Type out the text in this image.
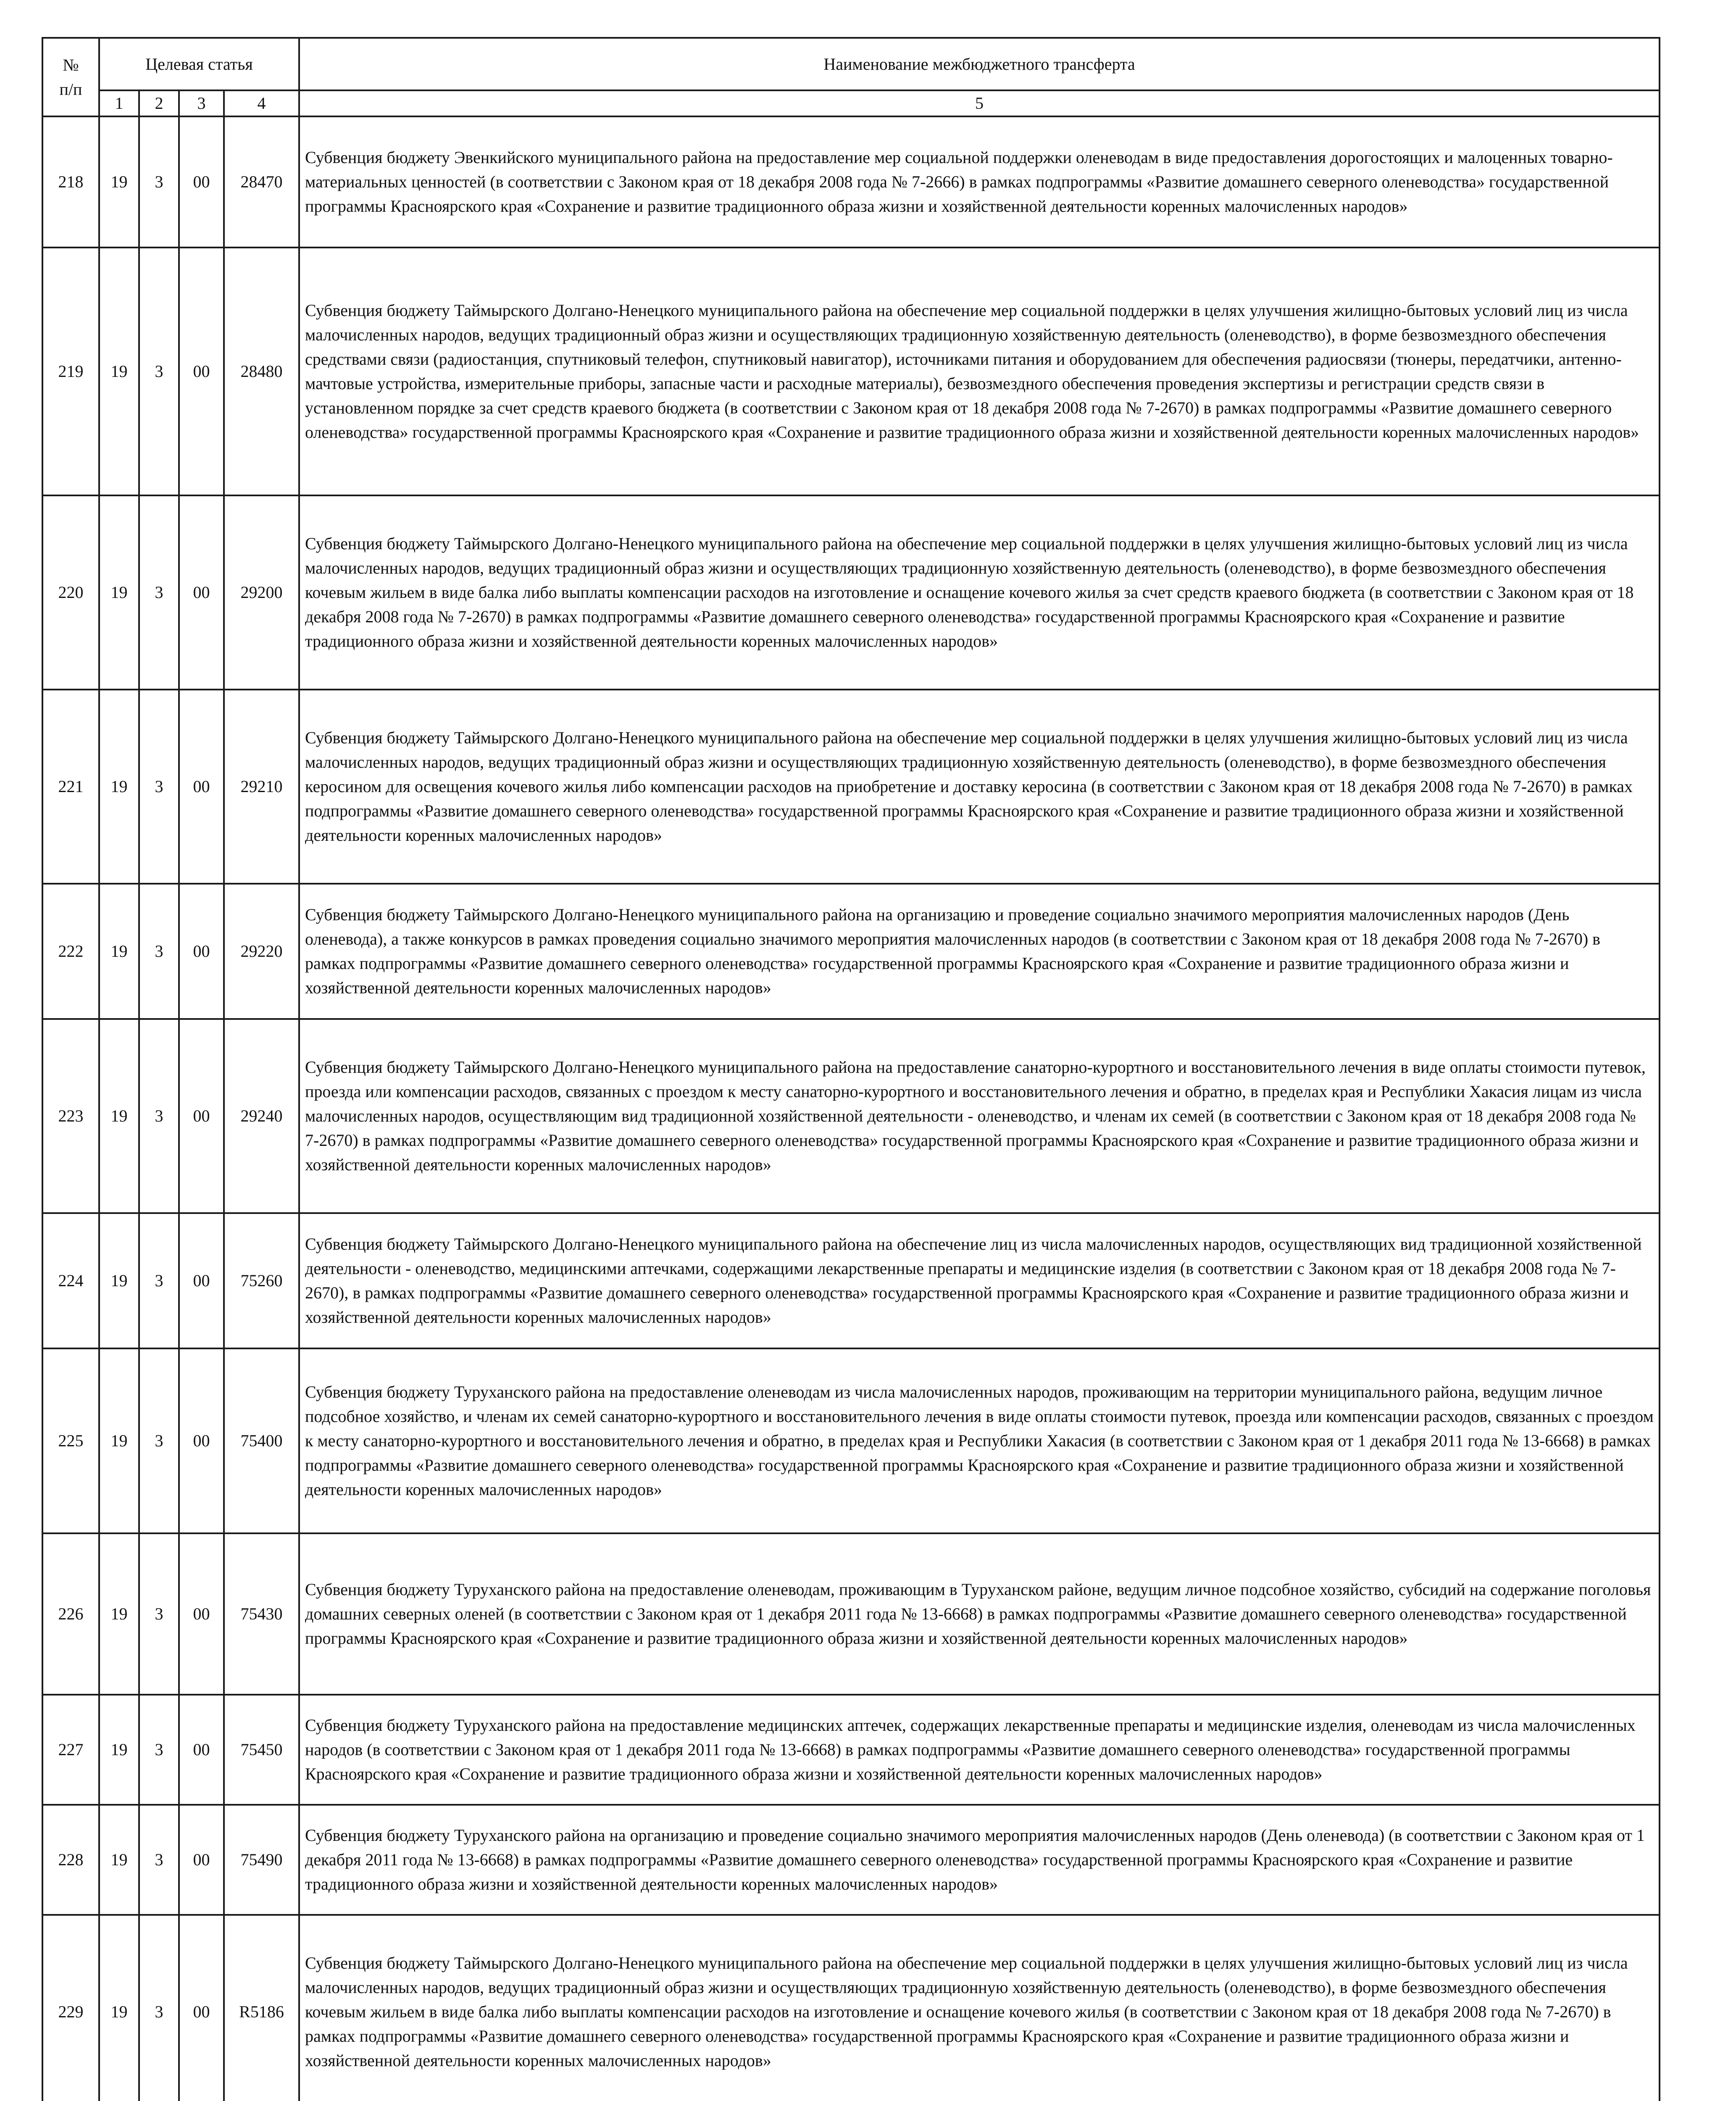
№
п/п	Целевая статья				Наименование межбюджетного трансферта
	1	2	3	4	5
218	19	3	00	28470	Субвенция бюджету Эвенкийского муниципального района на предоставление мер социальной поддержки оленеводам в виде предоставления дорогостоящих и малоценных товарно-материальных ценностей (в соответствии с Законом края от 18 декабря 2008 года № 7-2666) в рамках подпрограммы «Развитие домашнего северного оленеводства» государственной программы Красноярского края «Сохранение и развитие традиционного образа жизни и хозяйственной деятельности коренных малочисленных народов»
219	19	3	00	28480	Субвенция бюджету Таймырского Долгано-Ненецкого муниципального района на обеспечение мер социальной поддержки в целях улучшения жилищно-бытовых условий лиц из числа малочисленных народов, ведущих традиционный образ жизни и осуществляющих традиционную хозяйственную деятельность (оленеводство), в форме безвозмездного обеспечения средствами связи (радиостанция, спутниковый телефон, спутниковый навигатор), источниками питания и оборудованием для обеспечения радиосвязи (тюнеры, передатчики, антенно-мачтовые устройства, измерительные приборы, запасные части и расходные материалы), безвозмездного обеспечения проведения экспертизы и регистрации средств связи в установленном порядке за счет средств краевого бюджета (в соответствии с Законом края от 18 декабря 2008 года № 7-2670) в рамках подпрограммы «Развитие домашнего северного оленеводства» государственной программы Красноярского края «Сохранение и развитие традиционного образа жизни и хозяйственной деятельности коренных малочисленных народов»
220	19	3	00	29200	Субвенция бюджету Таймырского Долгано-Ненецкого муниципального района на обеспечение мер социальной поддержки в целях улучшения жилищно-бытовых условий лиц из числа малочисленных народов, ведущих традиционный образ жизни и осуществляющих традиционную хозяйственную деятельность (оленеводство), в форме безвозмездного обеспечения кочевым жильем в виде балка либо выплаты компенсации расходов на изготовление и оснащение кочевого жилья за счет средств краевого бюджета (в соответствии с Законом края от 18 декабря 2008 года № 7-2670) в рамках подпрограммы «Развитие домашнего северного оленеводства» государственной программы Красноярского края «Сохранение и развитие традиционного образа жизни и хозяйственной деятельности коренных малочисленных народов»
221	19	3	00	29210	Субвенция бюджету Таймырского Долгано-Ненецкого муниципального района на обеспечение мер социальной поддержки в целях улучшения жилищно-бытовых условий лиц из числа малочисленных народов, ведущих традиционный образ жизни и осуществляющих традиционную хозяйственную деятельность (оленеводство), в форме безвозмездного обеспечения керосином для освещения кочевого жилья либо компенсации расходов на приобретение и доставку керосина (в соответствии с Законом края от 18 декабря 2008 года № 7-2670) в рамках подпрограммы «Развитие домашнего северного оленеводства» государственной программы Красноярского края «Сохранение и развитие традиционного образа жизни и хозяйственной деятельности коренных малочисленных народов»
222	19	3	00	29220	Субвенция бюджету Таймырского Долгано-Ненецкого муниципального района на организацию и проведение социально значимого мероприятия малочисленных народов (День оленевода), а также конкурсов в рамках проведения социально значимого мероприятия малочисленных народов (в соответствии с Законом края от 18 декабря 2008 года № 7-2670) в рамках подпрограммы «Развитие домашнего северного оленеводства» государственной программы Красноярского края «Сохранение и развитие традиционного образа жизни и хозяйственной деятельности коренных малочисленных народов»
223	19	3	00	29240	Субвенция бюджету Таймырского Долгано-Ненецкого муниципального района на предоставление санаторно-курортного и восстановительного лечения в виде оплаты стоимости путевок, проезда или компенсации расходов, связанных с проездом к месту санаторно-курортного и восстановительного лечения и обратно, в пределах края и Республики Хакасия лицам из числа малочисленных народов, осуществляющим вид традиционной хозяйственной деятельности - оленеводство, и членам их семей (в соответствии с Законом края от 18 декабря 2008 года № 7-2670) в рамках подпрограммы «Развитие домашнего северного оленеводства» государственной программы Красноярского края «Сохранение и развитие традиционного образа жизни и хозяйственной деятельности коренных малочисленных народов»
224	19	3	00	75260	Субвенция бюджету Таймырского Долгано-Ненецкого муниципального района на обеспечение лиц из числа малочисленных народов, осуществляющих вид традиционной хозяйственной деятельности - оленеводство, медицинскими аптечками, содержащими лекарственные препараты и медицинские изделия (в соответствии с Законом края от 18 декабря 2008 года № 7-2670), в рамках подпрограммы «Развитие домашнего северного оленеводства» государственной программы Красноярского края «Сохранение и развитие традиционного образа жизни и хозяйственной деятельности коренных малочисленных народов»
225	19	3	00	75400	Субвенция бюджету Туруханского района на предоставление оленеводам из числа малочисленных народов, проживающим на территории муниципального района, ведущим личное подсобное хозяйство, и членам их семей санаторно-курортного и восстановительного лечения в виде оплаты стоимости путевок, проезда или компенсации расходов, связанных с проездом к месту санаторно-курортного и восстановительного лечения и обратно, в пределах края и Республики Хакасия (в соответствии с Законом края от 1 декабря 2011 года № 13-6668) в рамках подпрограммы «Развитие домашнего северного оленеводства» государственной программы Красноярского края «Сохранение и развитие традиционного образа жизни и хозяйственной деятельности коренных малочисленных народов»
226	19	3	00	75430	Субвенция бюджету Туруханского района на предоставление оленеводам, проживающим в Туруханском районе, ведущим личное подсобное хозяйство, субсидий на содержание поголовья домашних северных оленей (в соответствии с Законом края от 1 декабря 2011 года № 13-6668) в рамках подпрограммы «Развитие домашнего северного оленеводства» государственной программы Красноярского края «Сохранение и развитие традиционного образа жизни и хозяйственной деятельности коренных малочисленных народов»
227	19	3	00	75450	Субвенция бюджету Туруханского района на предоставление медицинских аптечек, содержащих лекарственные препараты и медицинские изделия, оленеводам из числа малочисленных народов (в соответствии с Законом края от 1 декабря 2011 года № 13-6668) в рамках подпрограммы «Развитие домашнего северного оленеводства» государственной программы Красноярского края «Сохранение и развитие традиционного образа жизни и хозяйственной деятельности коренных малочисленных народов»
228	19	3	00	75490	Субвенция бюджету Туруханского района на организацию и проведение социально значимого мероприятия малочисленных народов (День оленевода) (в соответствии с Законом края от 1 декабря 2011 года № 13-6668) в рамках подпрограммы «Развитие домашнего северного оленеводства» государственной программы Красноярского края «Сохранение и развитие традиционного образа жизни и хозяйственной деятельности коренных малочисленных народов»
229	19	3	00	R5186	Субвенция бюджету Таймырского Долгано-Ненецкого муниципального района на обеспечение мер социальной поддержки в целях улучшения жилищно-бытовых условий лиц из числа малочисленных народов, ведущих традиционный образ жизни и осуществляющих традиционную хозяйственную деятельность (оленеводство), в форме безвозмездного обеспечения кочевым жильем в виде балка либо выплаты компенсации расходов на изготовление и оснащение кочевого жилья (в соответствии с Законом края от 18 декабря 2008 года № 7-2670) в рамках подпрограммы «Развитие домашнего северного оленеводства» государственной программы Красноярского края «Сохранение и развитие традиционного образа жизни и хозяйственной деятельности коренных малочисленных народов»
